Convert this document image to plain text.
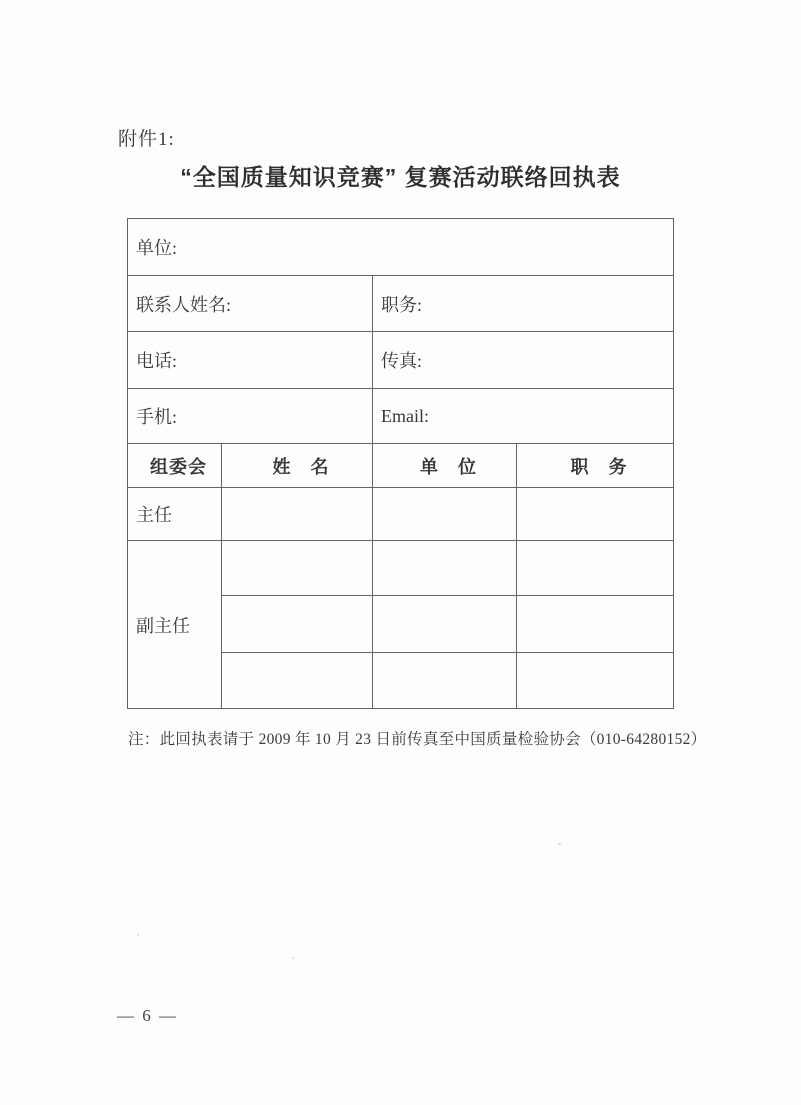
附件1:
“全国质量知识竞赛” 复赛活动联络回执表
单位:			
联系人姓名:		职务:	
电话:		传真:	
手机:		Email:	
组委会	姓　名	单　位	职　务
主任			
副主任			

注：此回执表请于 2009 年 10 月 23 日前传真至中国质量检验协会（010-64280152）
— 6 —
